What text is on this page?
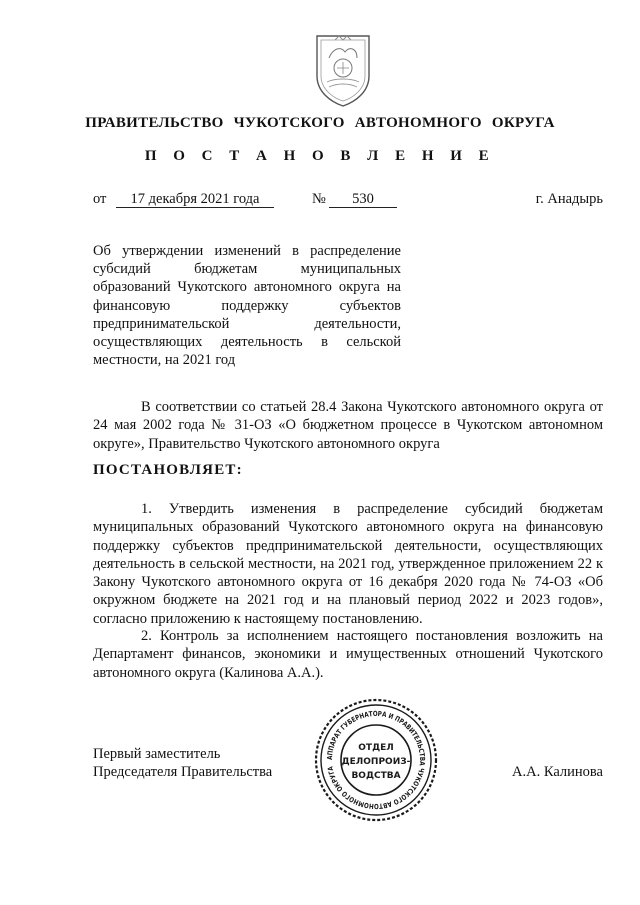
ПРАВИТЕЛЬСТВО ЧУКОТСКОГО АВТОНОМНОГО ОКРУГА
П О С Т А Н О В Л Е Н И Е
от	17 декабря 2021 года	№	530	г. Анадырь
Об утверждении изменений в распределение субсидий бюджетам муниципальных образований Чукотского автономного округа на финансовую поддержку субъектов предпринимательской деятельности, осуществляющих деятельность в сельской местности, на 2021 год
В соответствии со статьей 28.4 Закона Чукотского автономного округа от 24 мая 2002 года № 31-ОЗ «О бюджетном процессе в Чукотском автономном округе», Правительство Чукотского автономного округа
ПОСТАНОВЛЯЕТ:
1. Утвердить изменения в распределение субсидий бюджетам муниципальных образований Чукотского автономного округа на финансовую поддержку субъектов предпринимательской деятельности, осуществляющих деятельность в сельской местности, на 2021 год, утвержденное приложением 22 к Закону Чукотского автономного округа от 16 декабря 2020 года № 74-ОЗ «Об окружном бюджете на 2021 год и на плановый период 2022 и 2023 годов», согласно приложению к настоящему постановлению.
2. Контроль за исполнением настоящего постановления возложить на Департамент финансов, экономики и имущественных отношений Чукотского автономного округа (Калинова А.А.).
Первый заместитель
Председателя Правительства	А.А. Калинова
АППАРАТ ГУБЕРНАТОРА И ПРАВИТЕЛЬСТВА ЧУКОТСКОГО АВТОНОМНОГО ОКРУГА
ОТДЕЛ
ДЕЛОПРОИЗ-
ВОДСТВА
